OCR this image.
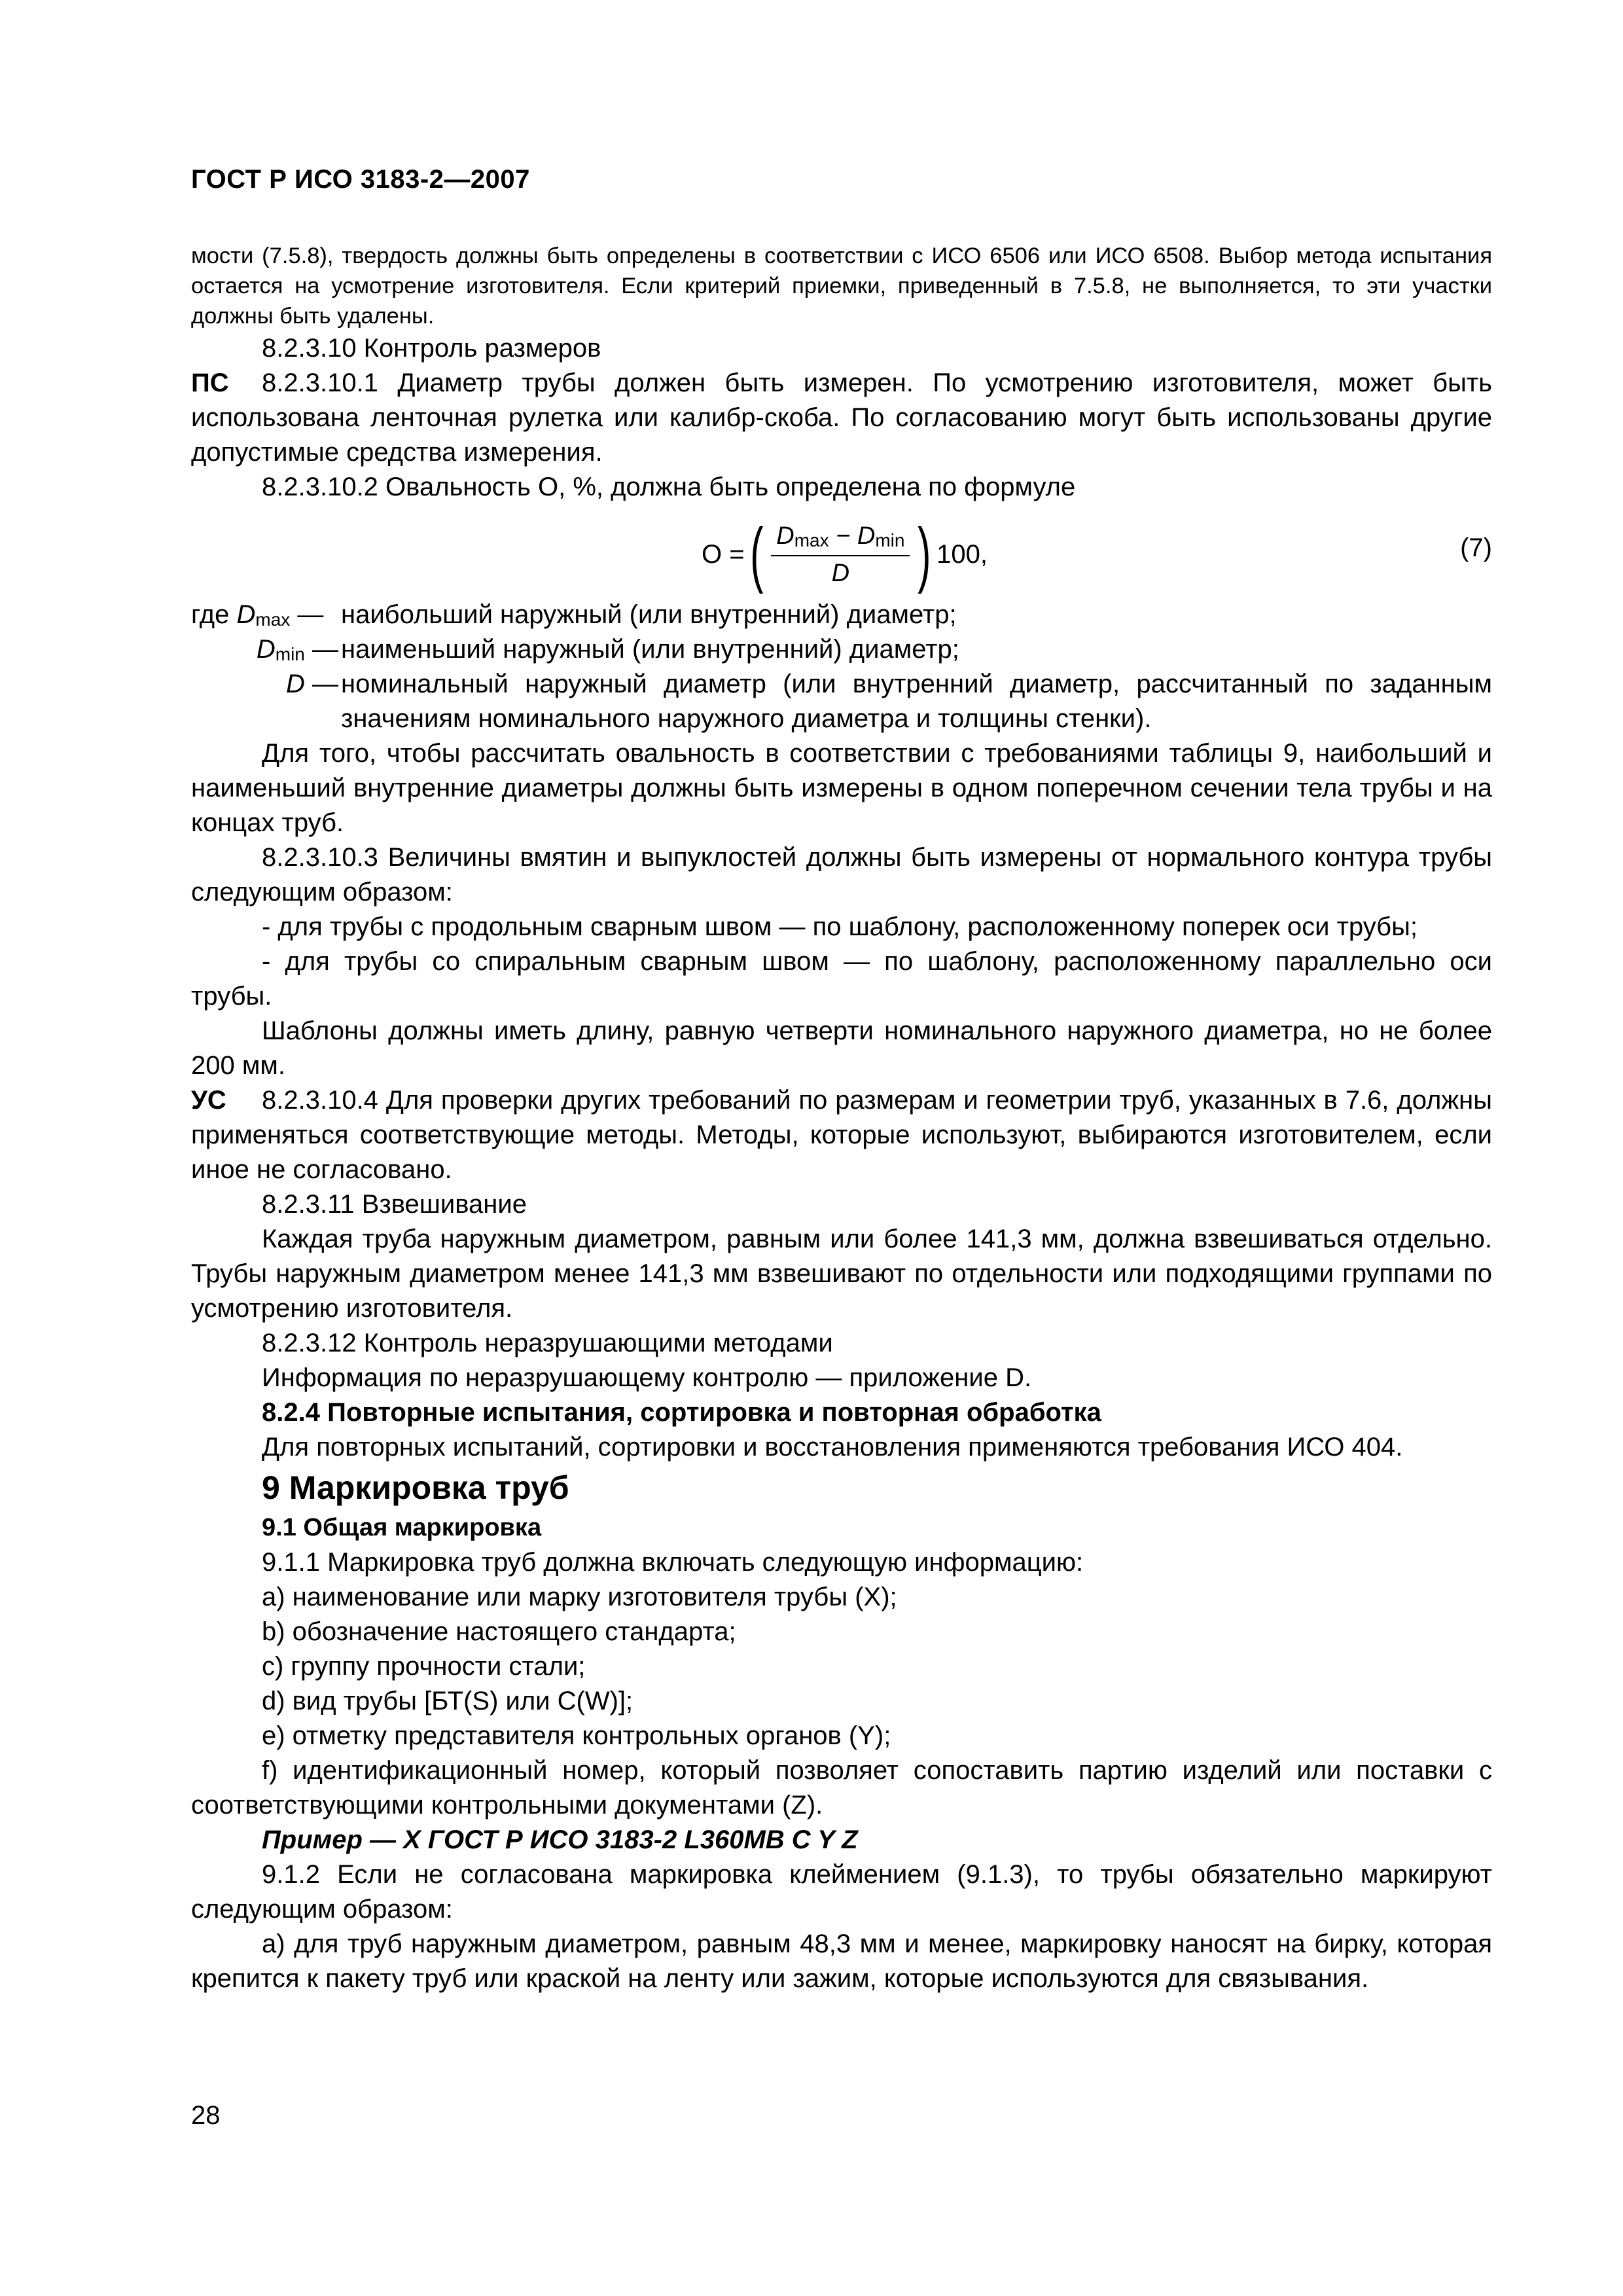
ГОСТ Р ИСО 3183-2—2007

мости (7.5.8), твердость должны быть определены в соответствии с ИСО 6506 или ИСО 6508. Выбор метода испытания остается на усмотрение изготовителя. Если критерий приемки, приведенный в 7.5.8, не выполняется, то эти участки должны быть удалены.

8.2.3.10 Контроль размеров

ПС 8.2.3.10.1 Диаметр трубы должен быть измерен. По усмотрению изготовителя, может быть использована ленточная рулетка или калибр-скоба. По согласованию могут быть использованы другие допустимые средства измерения.

8.2.3.10.2 Овальность О, %, должна быть определена по формуле

О = ( $\frac{Dmax - Dmin}{D}$ ) 100,	(7)

где Dmax — наибольший наружный (или внутренний) диаметр;

Dmin — наименьший наружный (или внутренний) диаметр;

D — номинальный наружный диаметр (или внутренний диаметр, рассчитанный по заданным значениям номинального наружного диаметра и толщины стенки).

Для того, чтобы рассчитать овальность в соответствии с требованиями таблицы 9, наибольший и наименьший внутренние диаметры должны быть измерены в одном поперечном сечении тела трубы и на концах труб.

8.2.3.10.3 Величины вмятин и выпуклостей должны быть измерены от нормального контура трубы следующим образом:

- для трубы с продольным сварным швом — по шаблону, расположенному поперек оси трубы;

- для трубы со спиральным сварным швом — по шаблону, расположенному параллельно оси трубы.

Шаблоны должны иметь длину, равную четверти номинального наружного диаметра, но не более 200 мм.

УС 8.2.3.10.4 Для проверки других требований по размерам и геометрии труб, указанных в 7.6, должны применяться соответствующие методы. Методы, которые используют, выбираются изготовителем, если иное не согласовано.

8.2.3.11 Взвешивание

Каждая труба наружным диаметром, равным или более 141,3 мм, должна взвешиваться отдельно. Трубы наружным диаметром менее 141,3 мм взвешивают по отдельности или подходящими группами по усмотрению изготовителя.

8.2.3.12 Контроль неразрушающими методами

Информация по неразрушающему контролю — приложение D.

8.2.4 Повторные испытания, сортировка и повторная обработка

Для повторных испытаний, сортировки и восстановления применяются требования ИСО 404.

9 Маркировка труб

9.1 Общая маркировка

9.1.1 Маркировка труб должна включать следующую информацию:

a) наименование или марку изготовителя трубы (X);

b) обозначение настоящего стандарта;

c) группу прочности стали;

d) вид трубы [БТ(S) или С(W)];

e) отметку представителя контрольных органов (Y);

f) идентификационный номер, который позволяет сопоставить партию изделий или поставки с соответствующими контрольными документами (Z).

Пример — X ГОСТ Р ИСО 3183-2 L360MB C Y Z

9.1.2 Если не согласована маркировка клеймением (9.1.3), то трубы обязательно маркируют следующим образом:

а) для труб наружным диаметром, равным 48,3 мм и менее, маркировку наносят на бирку, которая крепится к пакету труб или краской на ленту или зажим, которые используются для связывания.

28
